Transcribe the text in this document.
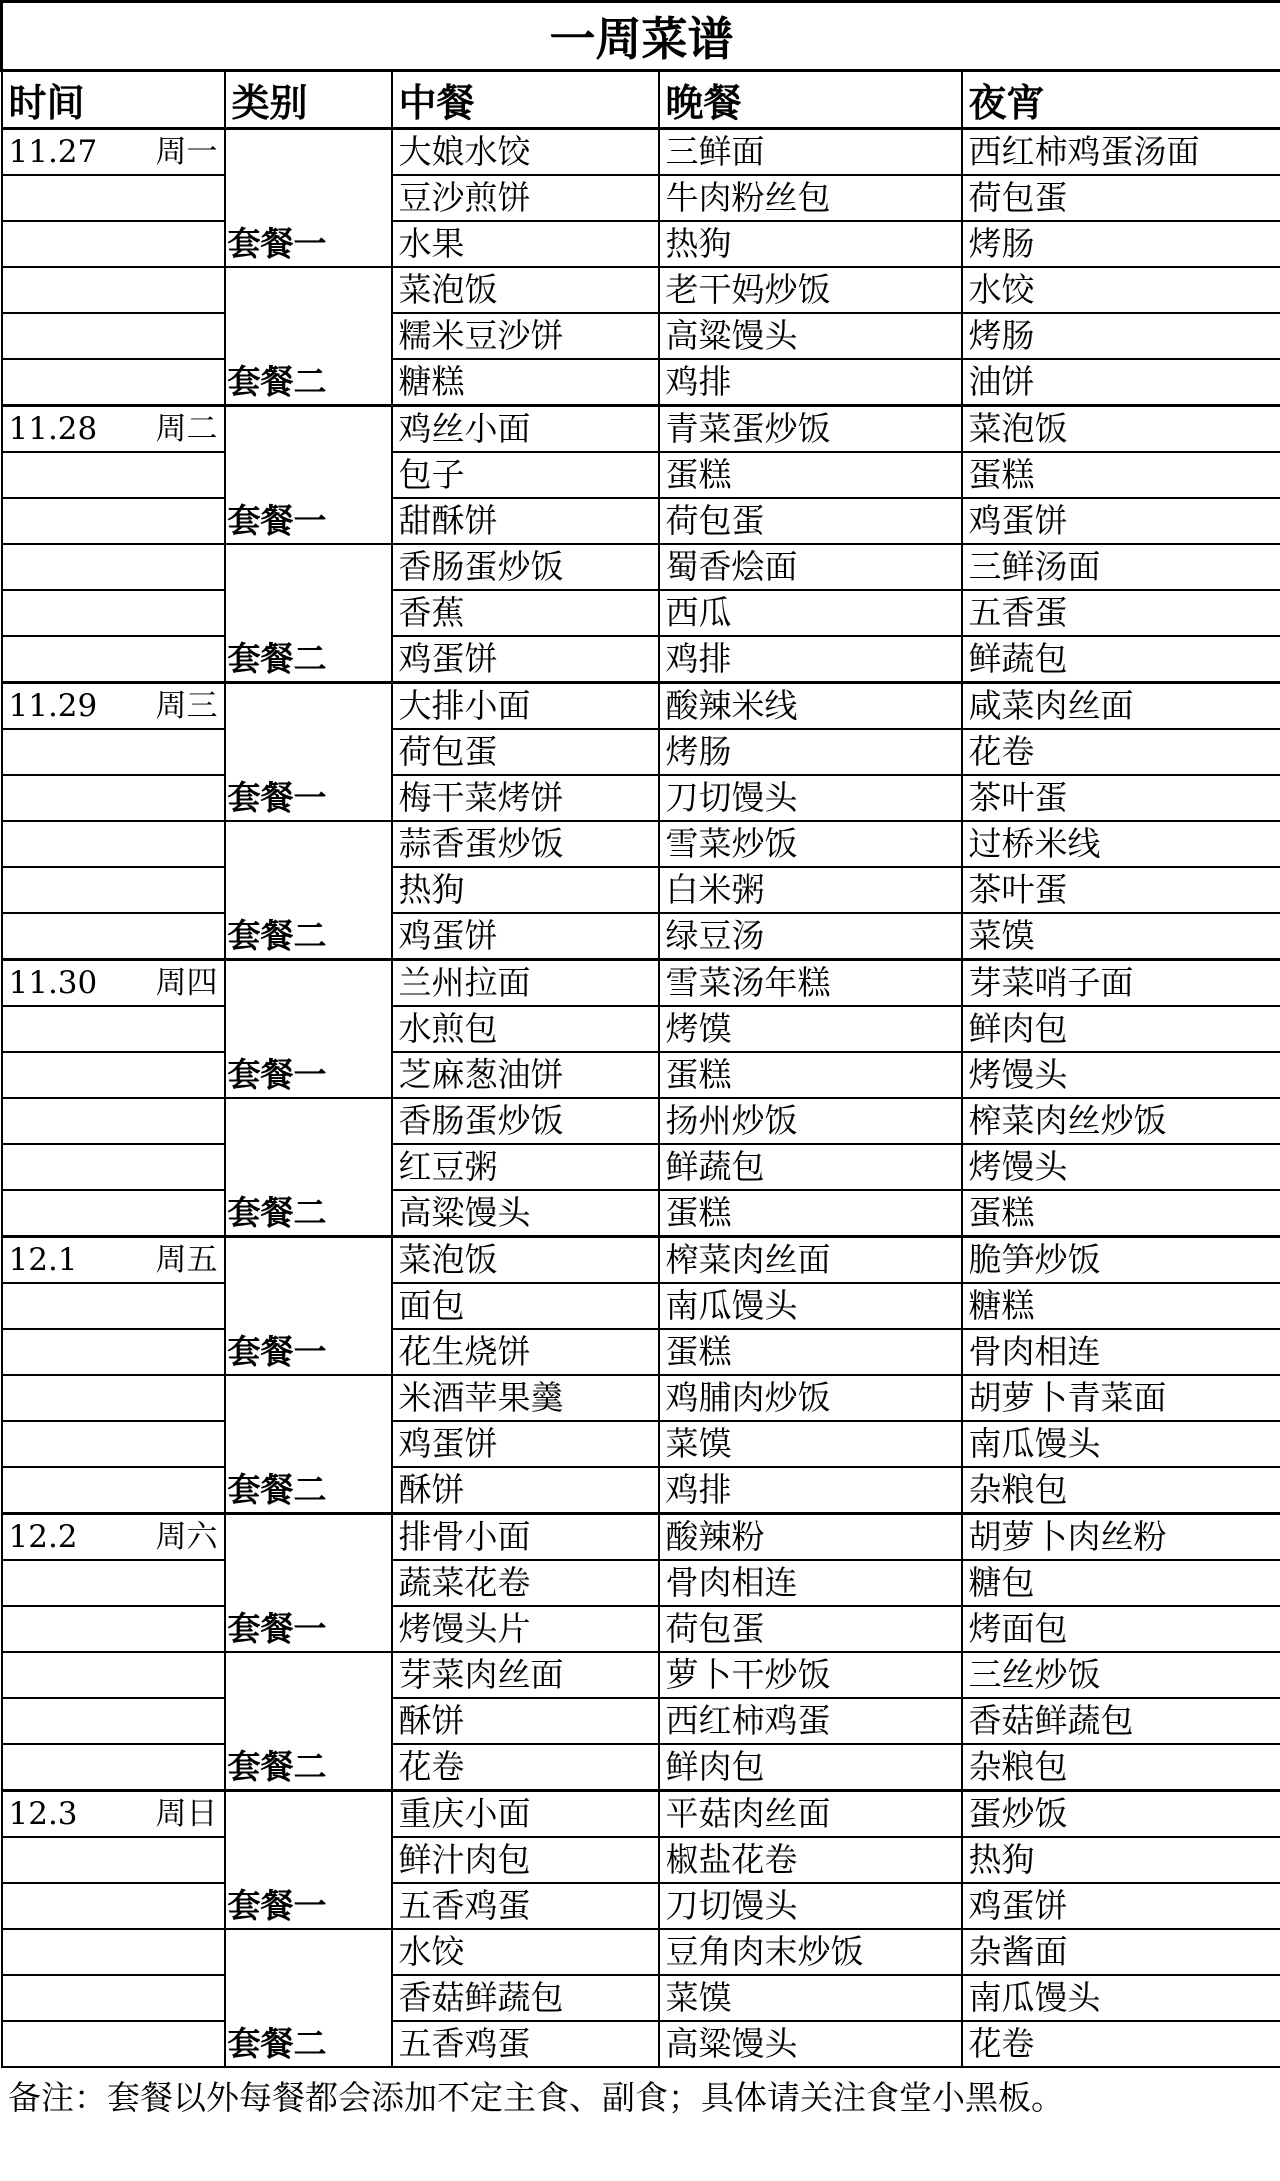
一周菜谱				
时间	类别	中餐	晚餐	夜宵
11.27 周一	套餐一	大娘水饺	三鲜面	西红柿鸡蛋汤面
		豆沙煎饼	牛肉粉丝包	荷包蛋
		水果	热狗	烤肠
	套餐二	菜泡饭	老干妈炒饭	水饺
		糯米豆沙饼	高粱馒头	烤肠
		糖糕	鸡排	油饼
11.28 周二	套餐一	鸡丝小面	青菜蛋炒饭	菜泡饭
		包子	蛋糕	蛋糕
		甜酥饼	荷包蛋	鸡蛋饼
	套餐二	香肠蛋炒饭	蜀香烩面	三鲜汤面
		香蕉	西瓜	五香蛋
		鸡蛋饼	鸡排	鲜蔬包
11.29 周三	套餐一	大排小面	酸辣米线	咸菜肉丝面
		荷包蛋	烤肠	花卷
		梅干菜烤饼	刀切馒头	茶叶蛋
	套餐二	蒜香蛋炒饭	雪菜炒饭	过桥米线
		热狗	白米粥	茶叶蛋
		鸡蛋饼	绿豆汤	菜馍
11.30 周四	套餐一	兰州拉面	雪菜汤年糕	芽菜哨子面
		水煎包	烤馍	鲜肉包
		芝麻葱油饼	蛋糕	烤馒头
	套餐二	香肠蛋炒饭	扬州炒饭	榨菜肉丝炒饭
		红豆粥	鲜蔬包	烤馒头
		高粱馒头	蛋糕	蛋糕
12.1 周五	套餐一	菜泡饭	榨菜肉丝面	脆笋炒饭
		面包	南瓜馒头	糖糕
		花生烧饼	蛋糕	骨肉相连
	套餐二	米酒苹果羹	鸡脯肉炒饭	胡萝卜青菜面
		鸡蛋饼	菜馍	南瓜馒头
		酥饼	鸡排	杂粮包
12.2 周六	套餐一	排骨小面	酸辣粉	胡萝卜肉丝粉
		蔬菜花卷	骨肉相连	糖包
		烤馒头片	荷包蛋	烤面包
	套餐二	芽菜肉丝面	萝卜干炒饭	三丝炒饭
		酥饼	西红柿鸡蛋	香菇鲜蔬包
		花卷	鲜肉包	杂粮包
12.3 周日	套餐一	重庆小面	平菇肉丝面	蛋炒饭
		鲜汁肉包	椒盐花卷	热狗
		五香鸡蛋	刀切馒头	鸡蛋饼
	套餐二	水饺	豆角肉末炒饭	杂酱面
		香菇鲜蔬包	菜馍	南瓜馒头
		五香鸡蛋	高粱馒头	花卷
备注：套餐以外每餐都会添加不定主食、副食；具体请关注食堂小黑板。
